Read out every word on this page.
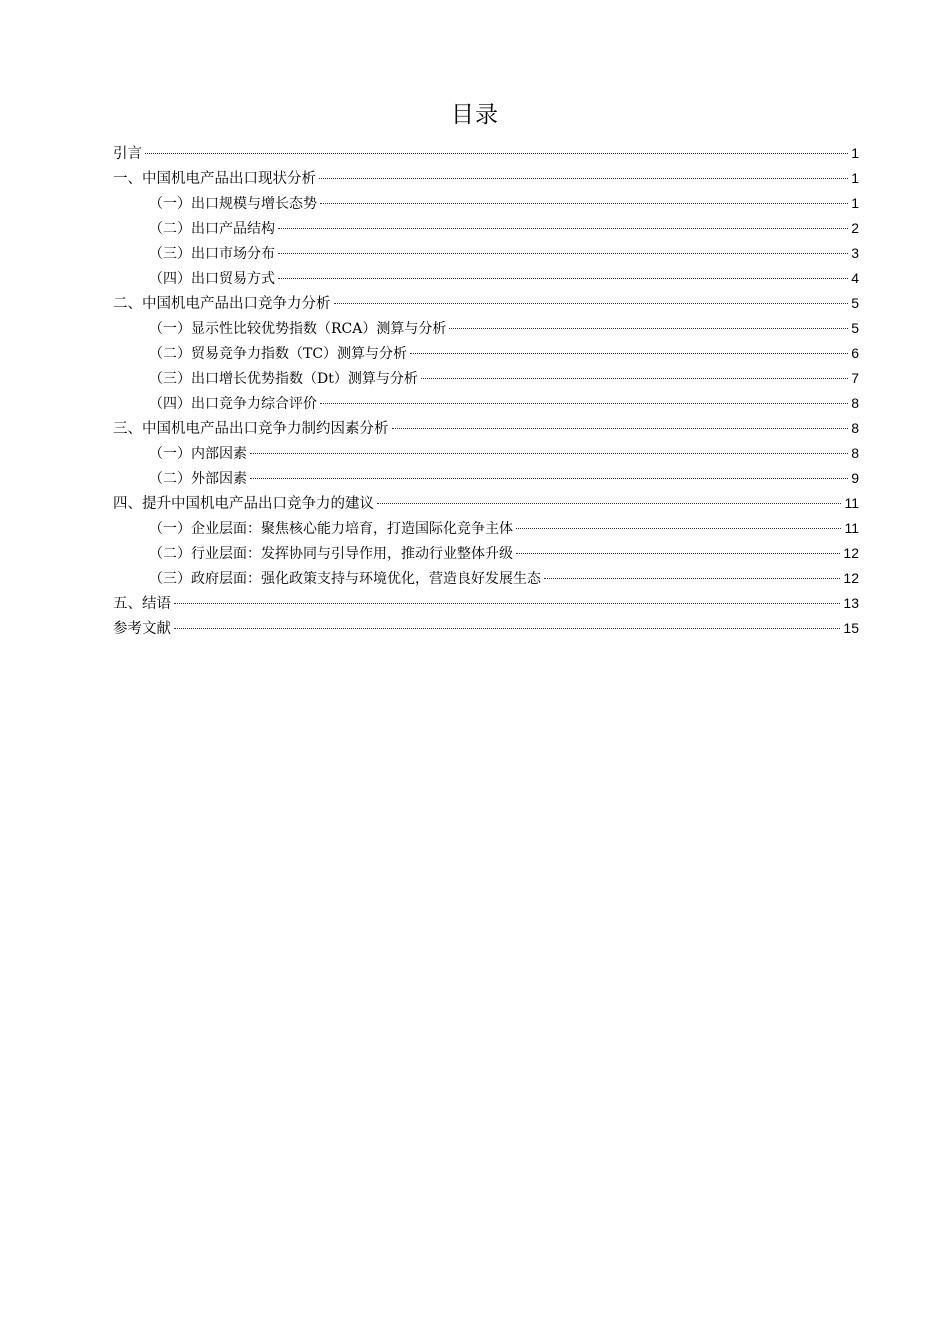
目录
引言	1
一、中国机电产品出口现状分析	1
（一）出口规模与增长态势	1
（二）出口产品结构	2
（三）出口市场分布	3
（四）出口贸易方式	4
二、中国机电产品出口竞争力分析	5
（一）显示性比较优势指数（RCA）测算与分析	5
（二）贸易竞争力指数（TC）测算与分析	6
（三）出口增长优势指数（Dt）测算与分析	7
（四）出口竞争力综合评价	8
三、中国机电产品出口竞争力制约因素分析	8
（一）内部因素	8
（二）外部因素	9
四、提升中国机电产品出口竞争力的建议	11
（一）企业层面：聚焦核心能力培育，打造国际化竞争主体	11
（二）行业层面：发挥协同与引导作用，推动行业整体升级	12
（三）政府层面：强化政策支持与环境优化，营造良好发展生态	12
五、结语	13
参考文献	15
